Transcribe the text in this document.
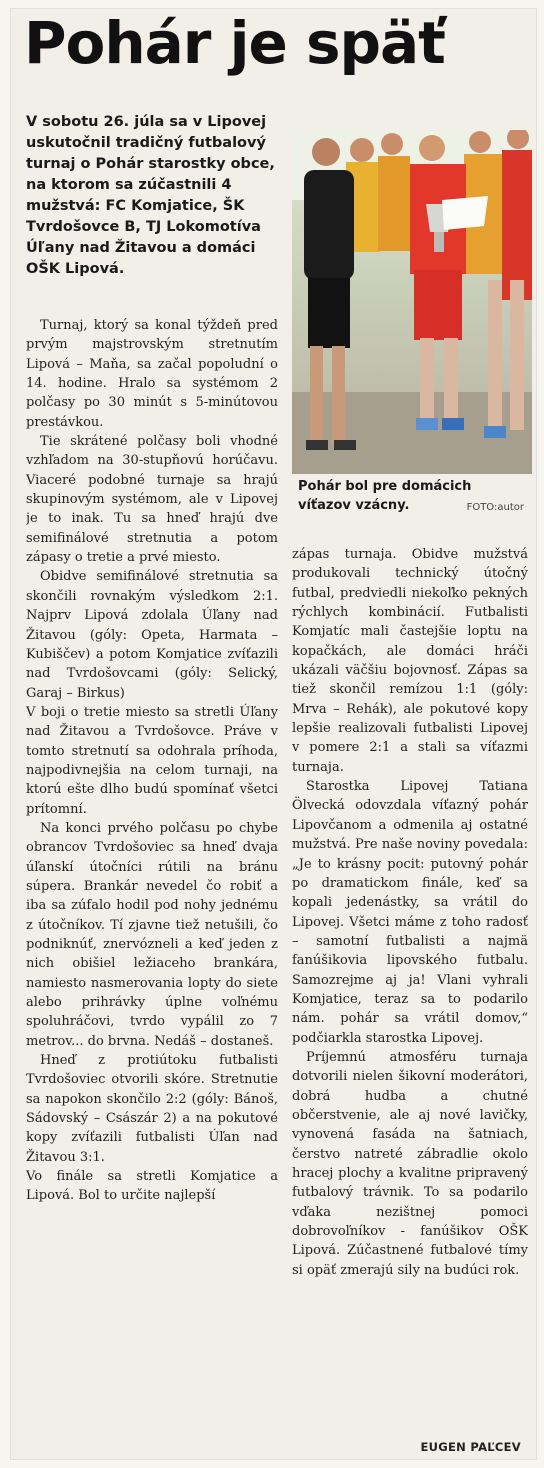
Pohár je späť
V sobotu 26. júla sa v Lipovej uskutočnil tradičný futbalový turnaj o Pohár starostky obce, na ktorom sa zúčastnili 4 mužstvá: FC Komjatice, ŠK Tvrdošovce B, TJ Lokomotíva Úľany nad Žitavou a domáci OŠK Lipová.
Pohár bol pre domácich víťazov vzácny.	FOTO:autor

Turnaj, ktorý sa konal týždeň pred prvým majstrovským stretnutím Lipová – Maňa, sa začal popoludní o 14. hodine. Hralo sa systémom 2 polčasy po 30 minút s 5-minútovou prestávkou.

Tie skrátené polčasy boli vhodné vzhľadom na 30-stupňovú horúčavu. Viaceré podobné turnaje sa hrajú skupinovým systémom, ale v Lipovej je to inak. Tu sa hneď hrajú dve semifinálové stretnutia a potom zápasy o tretie a prvé miesto.

Obidve semifinálové stretnutia sa skončili rovnakým výsledkom 2:1. Najprv Lipová zdolala Úľany nad Žitavou (góly: Opeta, Harmata – Kubiščev) a potom Komjatice zvíťazili nad Tvrdošovcami (góly: Selický, Garaj – Birkus)

V boji o tretie miesto sa stretli Úľany nad Žitavou a Tvrdošovce. Práve v tomto stretnutí sa odohrala príhoda, najpodivnejšia na celom turnaji, na ktorú ešte dlho budú spomínať všetci prítomní.

Na konci prvého polčasu po chybe obrancov Tvrdošoviec sa hneď dvaja úľanskí útočníci rútili na bránu súpera. Brankár nevedel čo robiť a iba sa zúfalo hodil pod nohy jednému z útočníkov. Tí zjavne tiež netušili, čo podniknúť, znervózneli a keď jeden z nich obišiel ležiaceho brankára, namiesto nasmerovania lopty do siete alebo prihrávky úplne voľnému spoluhráčovi, tvrdo vypálil zo 7 metrov... do brvna. Nedáš – dostaneš.

Hneď z protiútoku futbalisti Tvrdošoviec otvorili skóre. Stretnutie sa napokon skončilo 2:2 (góly: Bánoš, Sádovský – Császár 2) a na pokutové kopy zvíťazili futbalisti Úľan nad Žitavou 3:1.

Vo finále sa stretli Komjatice a Lipová. Bol to určite najlepší

zápas turnaja. Obidve mužstvá produkovali technický útočný futbal, predviedli niekoľko pekných rýchlych kombinácií. Futbalisti Komjatíc mali častejšie loptu na kopačkách, ale domáci hráči ukázali väčšiu bojovnosť. Zápas sa tiež skončil remízou 1:1 (góly: Mrva – Rehák), ale pokutové kopy lepšie realizovali futbalisti Lipovej v pomere 2:1 a stali sa víťazmi turnaja.

Starostka Lipovej Tatiana Ölvecká odovzdala víťazný pohár Lipovčanom a odmenila aj ostatné mužstvá. Pre naše noviny povedala: „Je to krásny pocit: putovný pohár po dramatickom finále, keď sa kopali jedenástky, sa vrátil do Lipovej. Všetci máme z toho radosť – samotní futbalisti a najmä fanúšikovia lipovského futbalu. Samozrejme aj ja! Vlani vyhrali Komjatice, teraz sa to podarilo nám. pohár sa vrátil domov,“ podčiarkla starostka Lipovej.

Príjemnú atmosféru turnaja dotvorili nielen šikovní moderátori, dobrá hudba a chutné občerstvenie, ale aj nové lavičky, vynovená fasáda na šatniach, čerstvo natreté zábradlie okolo hracej plochy a kvalitne pripravený futbalový trávnik. To sa podarilo vďaka nezištnej pomoci dobrovoľníkov - fanúšikov OŠK Lipová. Zúčastnené futbalové tímy si opäť zmerajú sily na budúci rok.

EUGEN PAĽCEV
